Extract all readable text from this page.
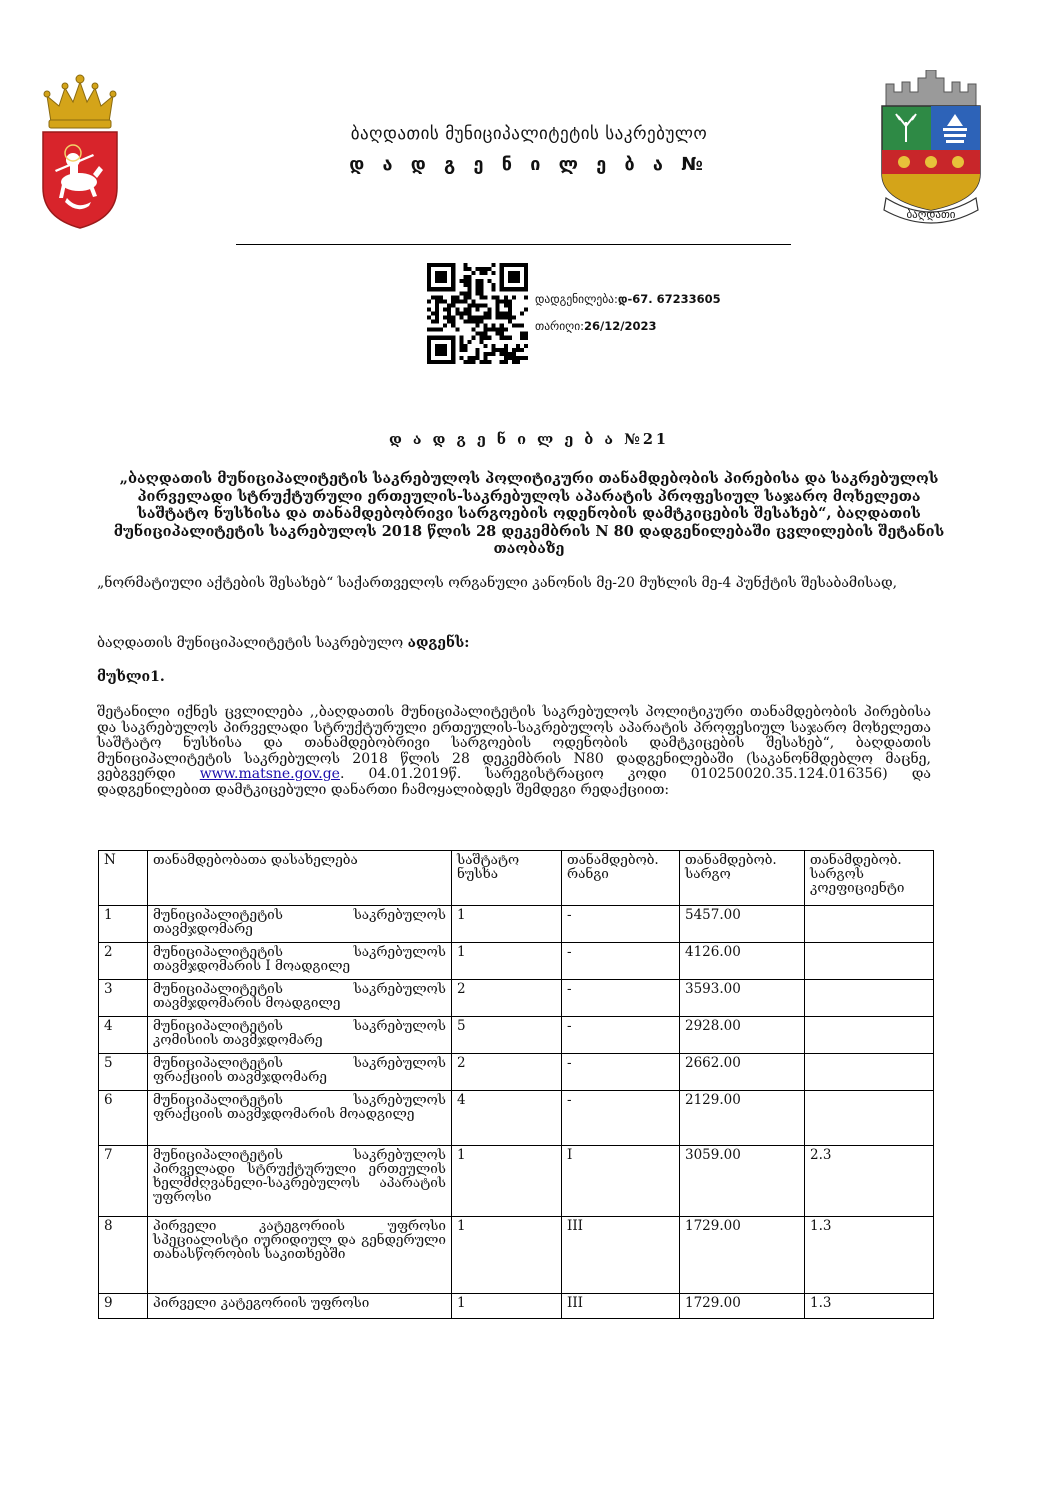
ბაღდათი
ბაღდათის მუნიციპალიტეტის საკრებულო
დ ა დ გ ე ნ ი ლ ე ბ ა №
დადგენილება:დ-67. 67233605
თარიღი:26/12/2023
დ ა დ გ ე ნ ი ლ ე ბ ა №21
„ბაღდათის მუნიციპალიტეტის საკრებულოს პოლიტიკური თანამდებობის პირებისა და საკრებულოს პირველადი სტრუქტურული ერთეულის-საკრებულოს აპარატის პროფესიულ საჯარო მოხელეთა საშტატო ნუსხისა და თანამდებობრივი სარგოების ოდენობის დამტკიცების შესახებ“, ბაღდათის მუნიციპალიტეტის საკრებულოს 2018 წლის 28 დეკემბრის N 80 დადგენილებაში ცვლილების შეტანის თაობაზე
„ნორმატიული აქტების შესახებ“ საქართველოს ორგანული კანონის მე-20 მუხლის მე-4 პუნქტის შესაბამისად,
ბაღდათის მუნიციპალიტეტის საკრებულო ადგენს:
მუხლი1.
შეტანილი იქნეს ცვლილება ,,ბაღდათის მუნიციპალიტეტის საკრებულოს პოლიტიკური თანამდებობის პირებისა და საკრებულოს პირველადი სტრუქტურული ერთეულის-საკრებულოს აპარატის პროფესიულ საჯარო მოხელეთა საშტატო ნუსხისა და თანამდებობრივი სარგოების ოდენობის დამტკიცების შესახებ“, ბაღდათის მუნიციპალიტეტის საკრებულოს 2018 წლის 28 დეკემბრის N80 დადგენილებაში (საკანონმდებლო მაცნე, ვებგვერდი www.matsne.gov.ge. 04.01.2019წ. სარეგისტრაციო კოდი 010250020.35.124.016356) და დადგენილებით დამტკიცებული დანართი ჩამოყალიბდეს შემდეგი რედაქციით:
N	თანამდებობათა დასახელება	საშტატო ნუსხა	თანამდებობ. რანგი	თანამდებობ. სარგო	თანამდებობ. სარგოს კოეფიციენტი
1	მუნიციპალიტეტის საკრებულოს თავმჯდომარე	1	-	5457.00	
2	მუნიციპალიტეტის საკრებულოს თავმჯდომარის I მოადგილე	1	-	4126.00	
3	მუნიციპალიტეტის საკრებულოს თავმჯდომარის მოადგილე	2	-	3593.00	
4	მუნიციპალიტეტის საკრებულოს კომისიის თავმჯდომარე	5	-	2928.00	
5	მუნიციპალიტეტის საკრებულოს ფრაქციის თავმჯდომარე	2	-	2662.00	
6	მუნიციპალიტეტის საკრებულოს ფრაქციის თავმჯდომარის მოადგილე	4	-	2129.00	
7	მუნიციპალიტეტის საკრებულოს პირველადი სტრუქტურული ერთეულის ხელმძღვანელი-საკრებულოს აპარატის უფროსი	1	I	3059.00	2.3
8	პირველი კატეგორიის უფროსი სპეციალისტი იურიდიულ და გენდერული თანასწორობის საკითხებში	1	III	1729.00	1.3
9	პირველი კატეგორიის უფროსი	1	III	1729.00	1.3
